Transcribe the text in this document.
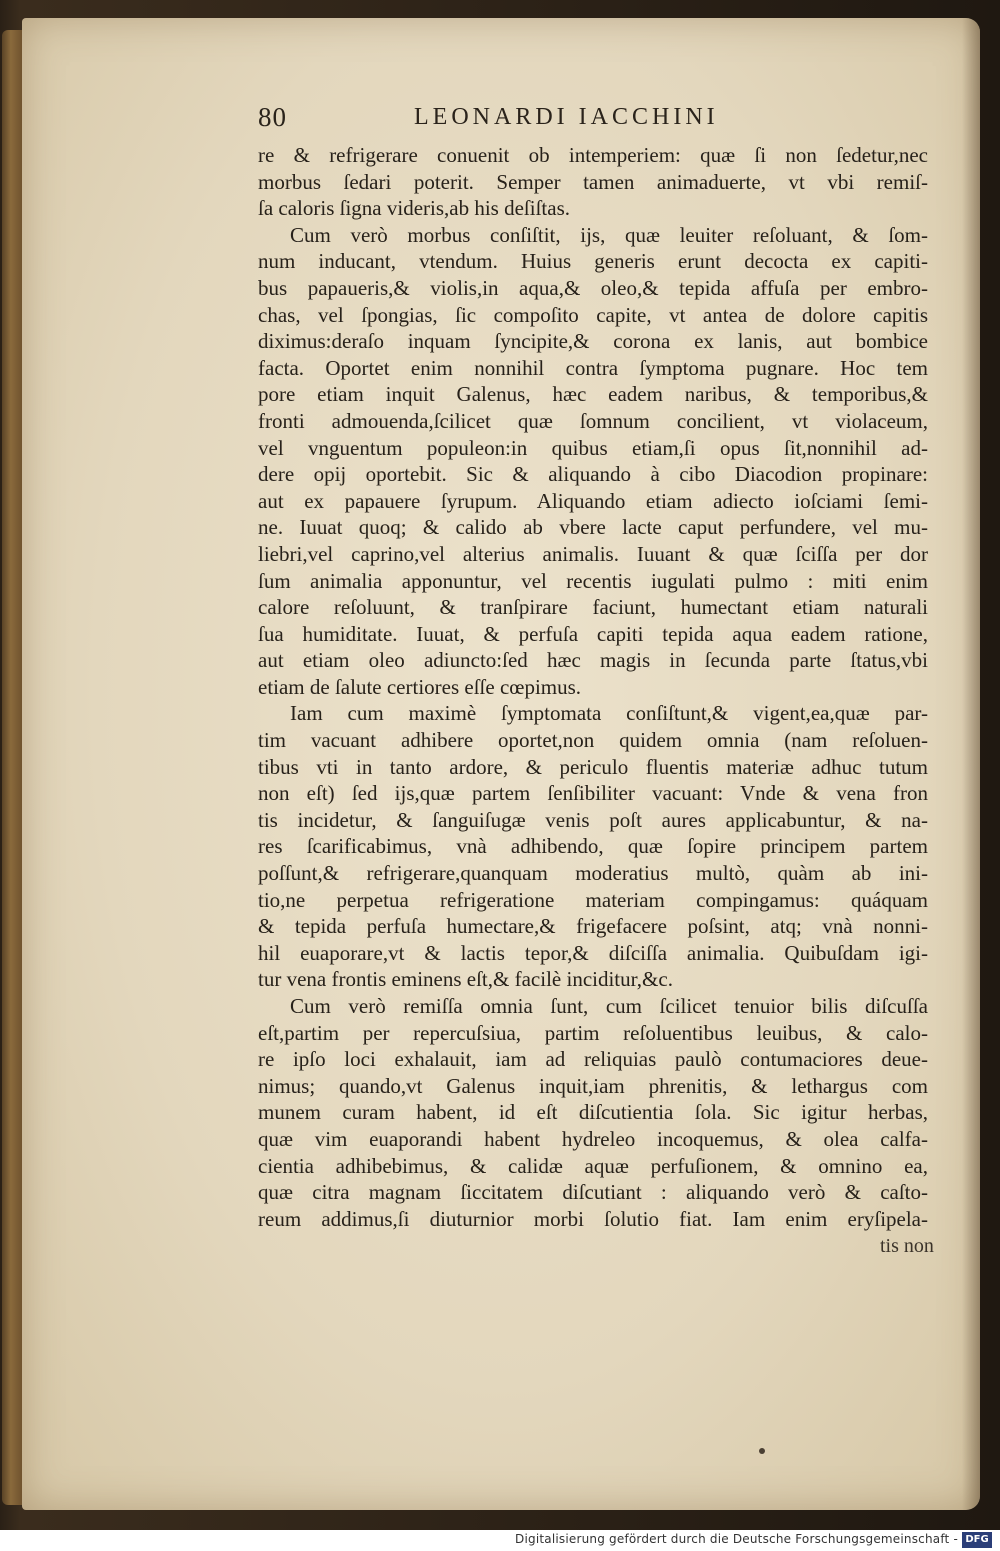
80	LEONARDI IACCHINI
re & refrigerare conuenit ob intemperiem: quæ ſi non ſedetur,nec
morbus ſedari poterit. Semper tamen animaduerte, vt vbi remiſ-
ſa caloris ſigna videris,ab his deſiſtas.
Cum verò morbus conſiſtit, ijs, quæ leuiter reſoluant, & ſom-
num inducant, vtendum. Huius generis erunt decocta ex capiti-
bus papaueris,& violis,in aqua,& oleo,& tepida affuſa per embro-
chas, vel ſpongias, ſic compoſito capite, vt antea de dolore capitis
diximus:deraſo inquam ſyncipite,& corona ex lanis, aut bombice
facta. Oportet enim nonnihil contra ſymptoma pugnare. Hoc tem
pore etiam inquit Galenus, hæc eadem naribus, & temporibus,&
fronti admouenda,ſcilicet quæ ſomnum concilient, vt violaceum,
vel vnguentum populeon:in quibus etiam,ſi opus ſit,nonnihil ad-
dere opij oportebit. Sic & aliquando à cibo Diacodion propinare:
aut ex papauere ſyrupum. Aliquando etiam adiecto ioſciami ſemi-
ne. Iuuat quoq; & calido ab vbere lacte caput perfundere, vel mu-
liebri,vel caprino,vel alterius animalis. Iuuant & quæ ſciſſa per dor
ſum animalia apponuntur, vel recentis iugulati pulmo : miti enim
calore reſoluunt, & tranſpirare faciunt, humectant etiam naturali
ſua humiditate. Iuuat, & perfuſa capiti tepida aqua eadem ratione,
aut etiam oleo adiuncto:ſed hæc magis in ſecunda parte ſtatus,vbi
etiam de ſalute certiores eſſe cœpimus.
Iam cum maximè ſymptomata conſiſtunt,& vigent,ea,quæ par-
tim vacuant adhibere oportet,non quidem omnia (nam reſoluen-
tibus vti in tanto ardore, & periculo fluentis materiæ adhuc tutum
non eſt) ſed ijs,quæ partem ſenſibiliter vacuant: Vnde & vena fron
tis incidetur, & ſanguiſugæ venis poſt aures applicabuntur, & na-
res ſcarificabimus, vnà adhibendo, quæ ſopire principem partem
poſſunt,& refrigerare,quanquam moderatius multò, quàm ab ini-
tio,ne perpetua refrigeratione materiam compingamus: quáquam
& tepida perfuſa humectare,& frigefacere poſsint, atq; vnà nonni-
hil euaporare,vt & lactis tepor,& diſciſſa animalia. Quibuſdam igi-
tur vena frontis eminens eſt,& facilè inciditur,&c.
Cum verò remiſſa omnia ſunt, cum ſcilicet tenuior bilis diſcuſſa
eſt,partim per repercuſsiua, partim reſoluentibus leuibus, & calo-
re ipſo loci exhalauit, iam ad reliquias paulò contumaciores deue-
nimus; quando,vt Galenus inquit,iam phrenitis, & lethargus com
munem curam habent, id eſt diſcutientia ſola. Sic igitur herbas,
quæ vim euaporandi habent hydreleo incoquemus, & olea calfa-
cientia adhibebimus, & calidæ aquæ perfuſionem, & omnino ea,
quæ citra magnam ſiccitatem diſcutiant : aliquando verò & caſto-
reum addimus,ſi diuturnior morbi ſolutio fiat. Iam enim eryſipela-
tis non
Digitalisierung gefördert durch die Deutsche Forschungsgemeinschaft - DFG
